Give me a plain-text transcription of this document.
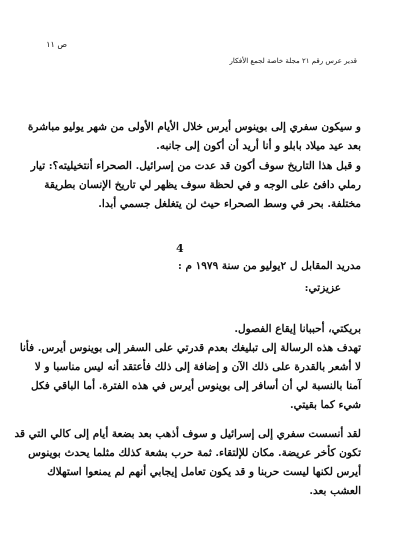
ص ١١
قدير عرس رقم ٢١ مجلة خاصة لجمع الأفكار
و سيكون سفري إلى بوينوس أيرس خلال الأيام الأولى من شهر يوليو مباشرة
بعد عيد ميلاد بابلو و أنا أريد أن أكون إلى جانبه.
و قبل هذا التاريخ سوف أكون قد عدت من إسرائيل. الصحراء أنتخيليته؟: تيار
رملي دافئ على الوجه و في لحظة سوف يظهر لي تاريخ الإنسان بطريقة
مختلفة. بحر في وسط الصحراء حيث لن يتغلغل جسمي أبدا.
4
مدريد المقابل ل ٢يوليو من سنة ١٩٧٩ م :
عزيزتي:
بريكتي، أحببانا إيقاع الفصول.
تهدف هذه الرسالة إلى تبليغك بعدم قدرتي على السفر إلى بوينوس أيرس. فأنا
لا أشعر بالقدرة على ذلك الآن و إضافة إلى ذلك فأعتقد أنه ليس مناسبا و لا
آمنا بالنسبة لي أن أسافر إلى بوينوس أيرس في هذه الفترة. أما الباقي فكل
شيء كما بقيتي.
لقد أنسست سفري إلى إسرائيل و سوف أذهب بعد بضعة أيام إلى كالي التي قد
تكون كأخر عريضة. مكان للإلتقاء. ثمة حرب بشعة كذلك مثلما يحدث بوينوس
أيرس لكنها ليست حربنا و قد يكون تعامل إيجابي أنهم لم يمنعوا استهلاك
العشب بعد.
